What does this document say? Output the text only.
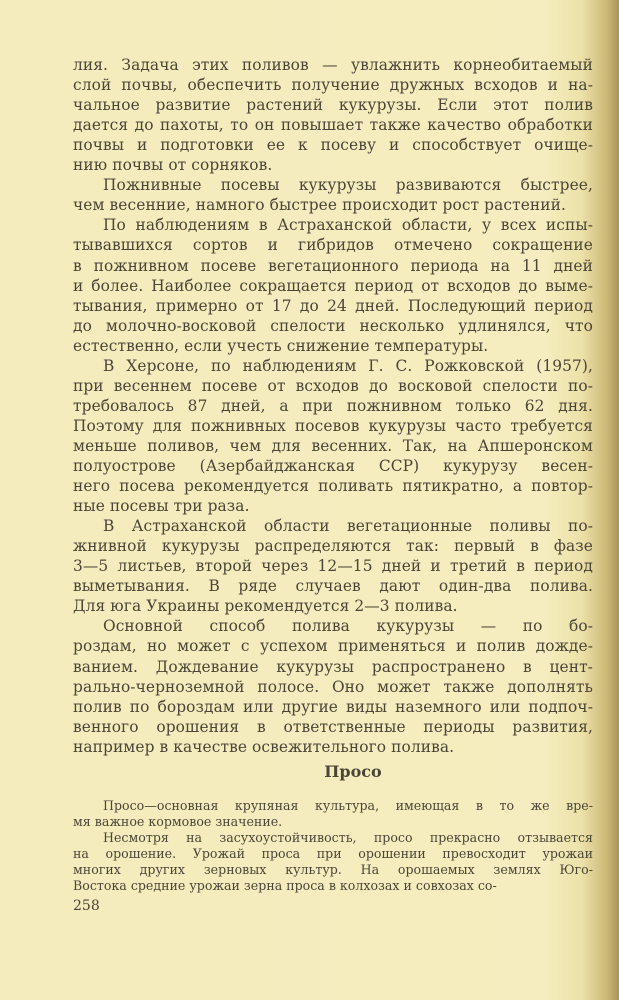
лия. Задача этих поливов — увлажнить корнеобитаемый
слой почвы, обеспечить получение дружных всходов и на-
чальное развитие растений кукурузы. Если этот полив
дается до пахоты, то он повышает также качество обработки
почвы и подготовки ее к посеву и способствует очище-
нию почвы от сорняков.
Пожнивные посевы кукурузы развиваются быстрее,
чем весенние, намного быстрее происходит рост растений.
По наблюдениям в Астраханской области, у всех испы-
тывавшихся сортов и гибридов отмечено сокращение
в пожнивном посеве вегетационного периода на 11 дней
и более. Наиболее сокращается период от всходов до выме-
тывания, примерно от 17 до 24 дней. Последующий период
до молочно-восковой спелости несколько удлинялся, что
естественно, если учесть снижение температуры.
В Херсоне, по наблюдениям Г. С. Рожковской (1957),
при весеннем посеве от всходов до восковой спелости по-
требовалось 87 дней, а при пожнивном только 62 дня.
Поэтому для пожнивных посевов кукурузы часто требуется
меньше поливов, чем для весенних. Так, на Апшеронском
полуострове (Азербайджанская ССР) кукурузу весен-
него посева рекомендуется поливать пятикратно, а повтор-
ные посевы три раза.
В Астраханской области вегетационные поливы по-
жнивной кукурузы распределяются так: первый в фазе
3—5 листьев, второй через 12—15 дней и третий в период
выметывания. В ряде случаев дают один-два полива.
Для юга Украины рекомендуется 2—3 полива.
Основной способ полива кукурузы — по бо-
роздам, но может с успехом применяться и полив дожде-
ванием. Дождевание кукурузы распространено в цент-
рально-черноземной полосе. Оно может также дополнять
полив по бороздам или другие виды наземного или подпоч-
венного орошения в ответственные периоды развития,
например в качестве освежительного полива.
Просо
Просо—основная крупяная культура, имеющая в то же вре-
мя важное кормовое значение.
Несмотря на засухоустойчивость, просо прекрасно отзывается
на орошение. Урожай проса при орошении превосходит урожаи
многих других зерновых культур. На орошаемых землях Юго-
Востока средние урожаи зерна проса в колхозах и совхозах со-
258
